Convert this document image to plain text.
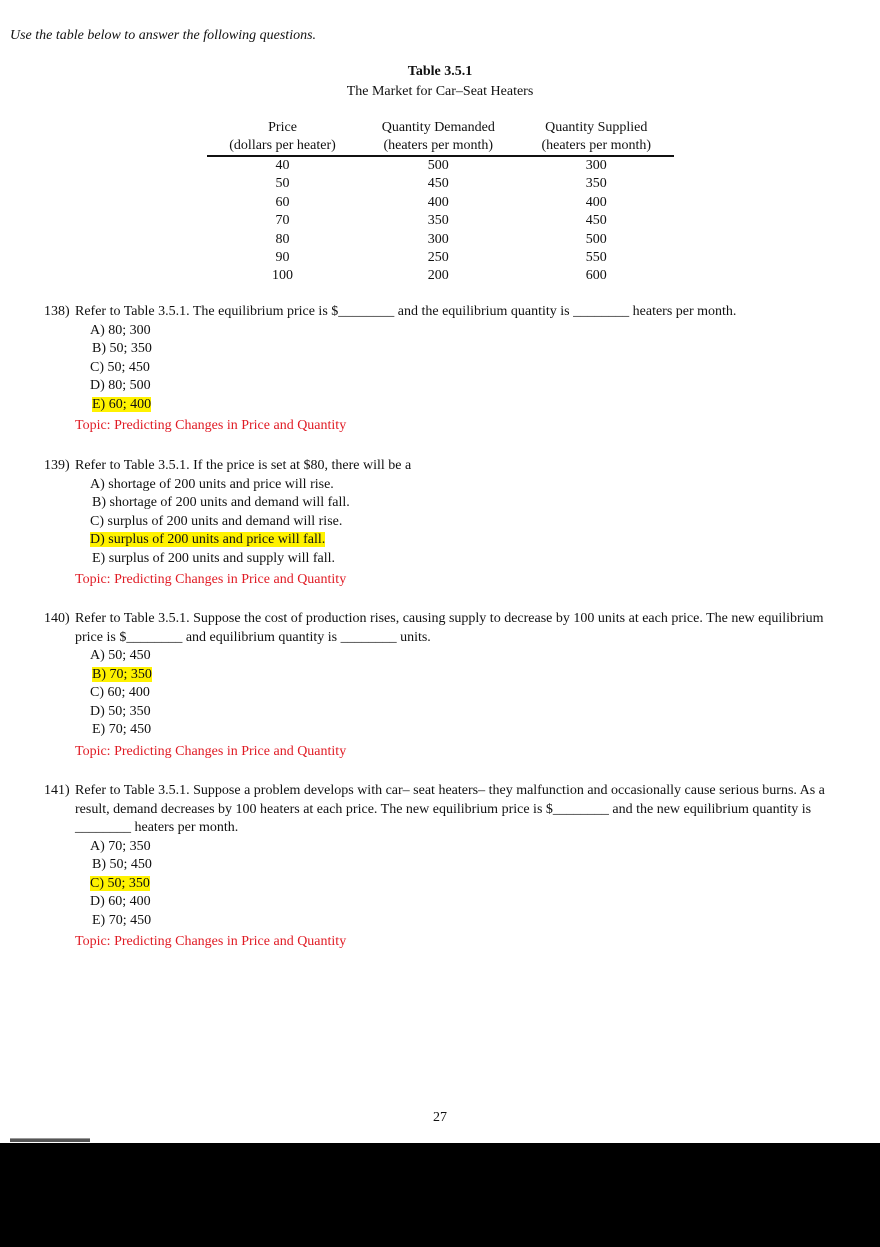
Use the table below to answer the following questions.
Table 3.5.1
The Market for Car–Seat Heaters
Price	Quantity Demanded	Quantity Supplied
(dollars per heater)	(heaters per month)	(heaters per month)
40	500	300
50	450	350
60	400	400
70	350	450
80	300	500
90	250	550
100	200	600
138) Refer to Table 3.5.1. The equilibrium price is $________ and the equilibrium quantity is ________ heaters per month.
A) 80; 300
B) 50; 350
C) 50; 450
D) 80; 500
E) 60; 400
Topic: Predicting Changes in Price and Quantity
139) Refer to Table 3.5.1. If the price is set at $80, there will be a
A) shortage of 200 units and price will rise.
B) shortage of 200 units and demand will fall.
C) surplus of 200 units and demand will rise.
D) surplus of 200 units and price will fall.
E) surplus of 200 units and supply will fall.
Topic: Predicting Changes in Price and Quantity
140) Refer to Table 3.5.1. Suppose the cost of production rises, causing supply to decrease by 100 units at each price. The new equilibrium price is $________ and equilibrium quantity is ________ units.
A) 50; 450
B) 70; 350
C) 60; 400
D) 50; 350
E) 70; 450
Topic: Predicting Changes in Price and Quantity
141) Refer to Table 3.5.1. Suppose a problem develops with car– seat heaters– they malfunction and occasionally cause serious burns. As a result, demand decreases by 100 heaters at each price. The new equilibrium price is $________ and the new equilibrium quantity is ________ heaters per month.
A) 70; 350
B) 50; 450
C) 50; 350
D) 60; 400
E) 70; 450
Topic: Predicting Changes in Price and Quantity
27
